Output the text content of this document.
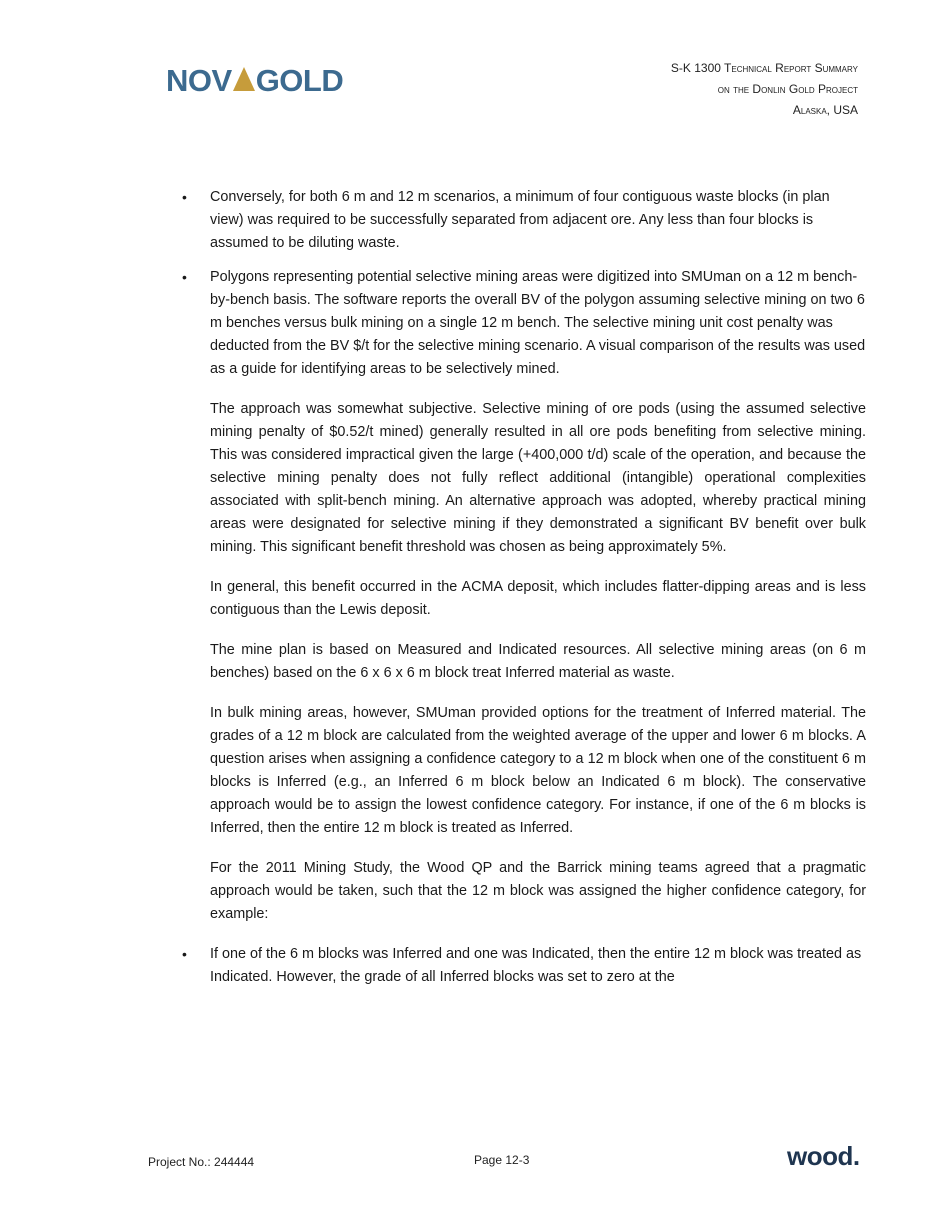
NOV GOLD	S-K 1300 Technical Report Summary
on the Donlin Gold Project
Alaska, USA
•	Conversely, for both 6 m and 12 m scenarios, a minimum of four contiguous waste blocks (in plan view) was required to be successfully separated from adjacent ore. Any less than four blocks is assumed to be diluting waste.
•	Polygons representing potential selective mining areas were digitized into SMUman on a 12 m bench-by-bench basis. The software reports the overall BV of the polygon assuming selective mining on two 6 m benches versus bulk mining on a single 12 m bench. The selective mining unit cost penalty was deducted from the BV $/t for the selective mining scenario. A visual comparison of the results was used as a guide for identifying areas to be selectively mined.

The approach was somewhat subjective. Selective mining of ore pods (using the assumed selective mining penalty of $0.52/t mined) generally resulted in all ore pods benefiting from selective mining. This was considered impractical given the large (+400,000 t/d) scale of the operation, and because the selective mining penalty does not fully reflect additional (intangible) operational complexities associated with split-bench mining. An alternative approach was adopted, whereby practical mining areas were designated for selective mining if they demonstrated a significant BV benefit over bulk mining. This significant benefit threshold was chosen as being approximately 5%.

In general, this benefit occurred in the ACMA deposit, which includes flatter-dipping areas and is less contiguous than the Lewis deposit.

The mine plan is based on Measured and Indicated resources. All selective mining areas (on 6 m benches) based on the 6 x 6 x 6 m block treat Inferred material as waste.

In bulk mining areas, however, SMUman provided options for the treatment of Inferred material. The grades of a 12 m block are calculated from the weighted average of the upper and lower 6 m blocks. A question arises when assigning a confidence category to a 12 m block when one of the constituent 6 m blocks is Inferred (e.g., an Inferred 6 m block below an Indicated 6 m block). The conservative approach would be to assign the lowest confidence category. For instance, if one of the 6 m blocks is Inferred, then the entire 12 m block is treated as Inferred.

For the 2011 Mining Study, the Wood QP and the Barrick mining teams agreed that a pragmatic approach would be taken, such that the 12 m block was assigned the higher confidence category, for example:

•	If one of the 6 m blocks was Inferred and one was Indicated, then the entire 12 m block was treated as Indicated. However, the grade of all Inferred blocks was set to zero at the
Project No.: 244444	Page 12-3	wood.
